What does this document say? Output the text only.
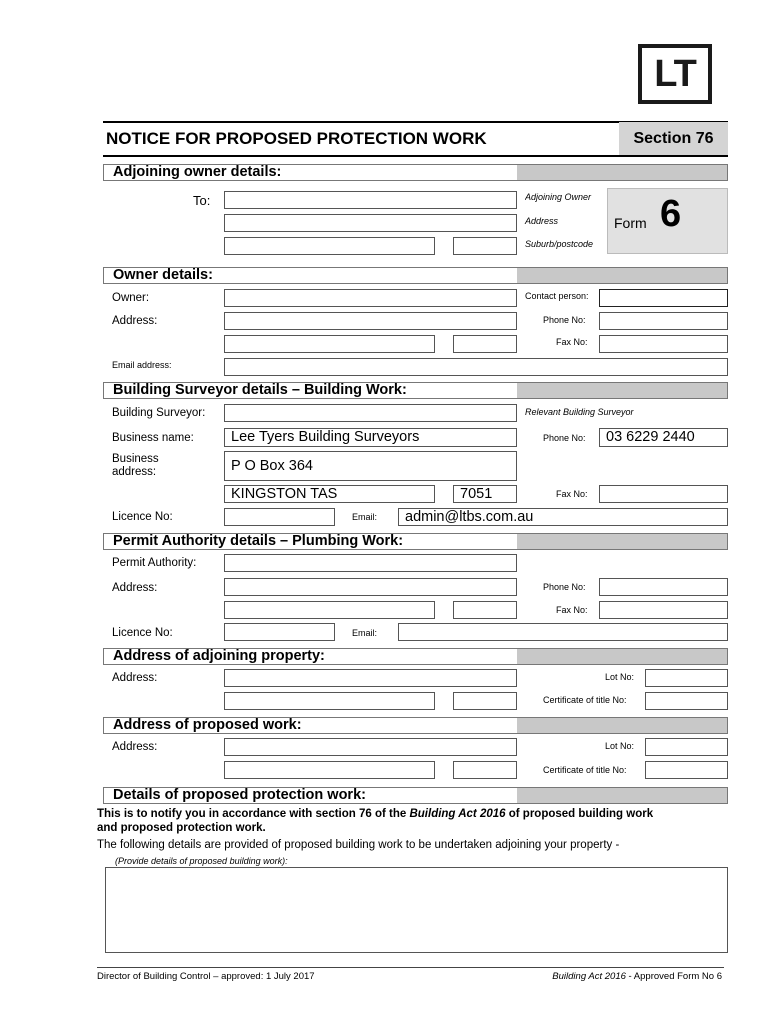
LT
NOTICE FOR PROPOSED PROTECTION WORK	Section 76
Adjoining owner details:
To:	Adjoining Owner
Address
Suburb/postcode
Form 6
Owner details:
Owner:	Contact person:
Address:	Phone No:
Fax No:
Email address:
Building Surveyor details – Building Work:
Building Surveyor:	Relevant Building Surveyor
Business name:	Lee Tyers Building Surveyors	Phone No:	03 6229 2440
Business address:	P O Box 364
KINGSTON TAS	7051	Fax No:
Licence No:	Email:	admin@ltbs.com.au
Permit Authority details – Plumbing Work:
Permit Authority:
Address:	Phone No:
Fax No:
Licence No:	Email:
Address of adjoining property:
Address:	Lot No:
Certificate of title No:
Address of proposed work:
Address:	Lot No:
Certificate of title No:
Details of proposed protection work:
This is to notify you in accordance with section 76 of the Building Act 2016 of proposed building work
and proposed protection work.
The following details are provided of proposed building work to be undertaken adjoining your property -
(Provide details of proposed building work):
Director of Building Control – approved: 1 July 2017	Building Act 2016 - Approved Form No 6
